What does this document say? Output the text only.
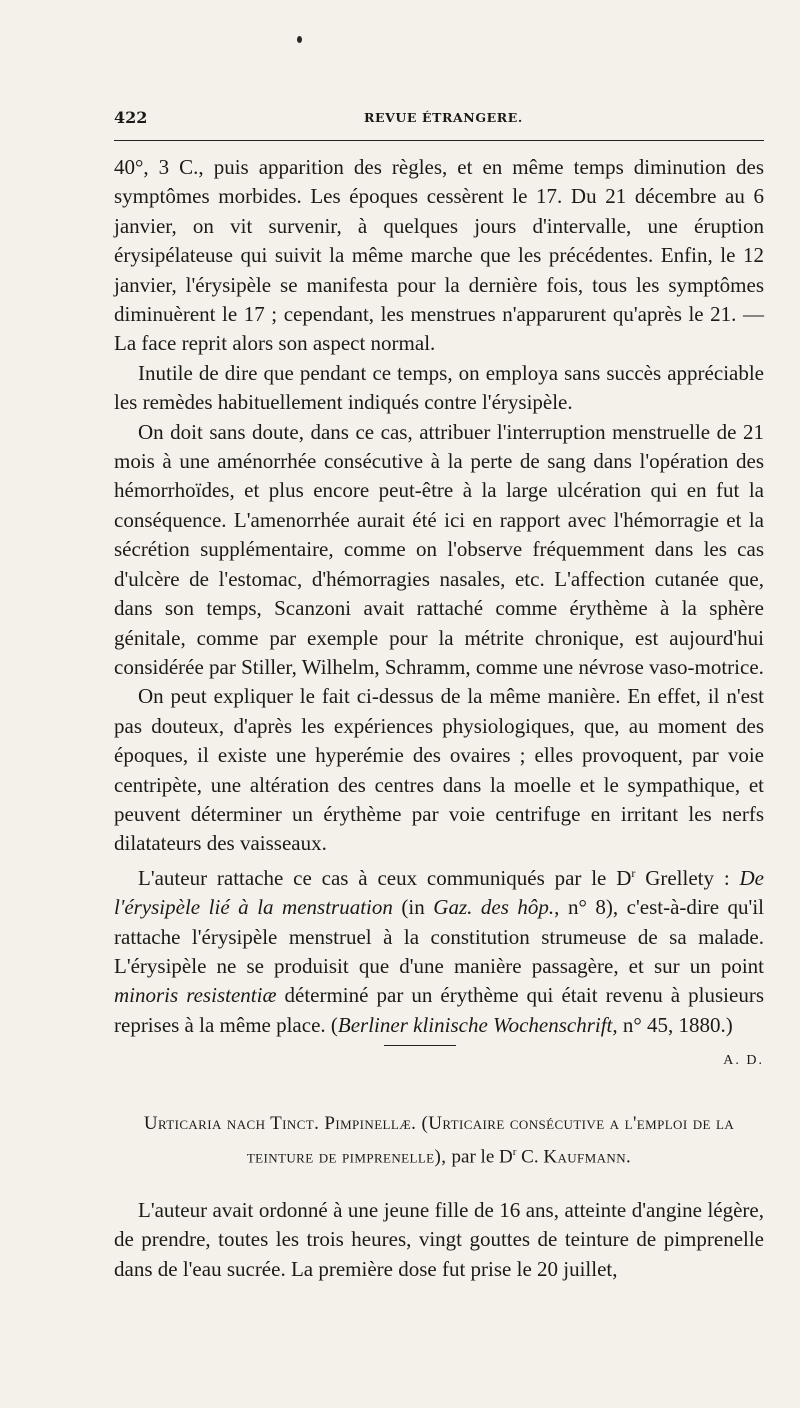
422	REVUE ÉTRANGERE.

40°, 3 C., puis apparition des règles, et en même temps diminution des symptômes morbides. Les époques cessèrent le 17. Du 21 décembre au 6 janvier, on vit survenir, à quelques jours d'intervalle, une éruption érysipélateuse qui suivit la même marche que les précédentes. Enfin, le 12 janvier, l'érysipèle se manifesta pour la dernière fois, tous les symptômes diminuèrent le 17 ; cependant, les menstrues n'apparurent qu'après le 21. — La face reprit alors son aspect normal.

Inutile de dire que pendant ce temps, on employa sans succès appréciable les remèdes habituellement indiqués contre l'érysipèle.

On doit sans doute, dans ce cas, attribuer l'interruption menstruelle de 21 mois à une aménorrhée consécutive à la perte de sang dans l'opération des hémorrhoïdes, et plus encore peut-être à la large ulcération qui en fut la conséquence. L'amenorrhée aurait été ici en rapport avec l'hémorragie et la sécrétion supplémentaire, comme on l'observe fréquemment dans les cas d'ulcère de l'estomac, d'hémorragies nasales, etc. L'affection cutanée que, dans son temps, Scanzoni avait rattaché comme érythème à la sphère génitale, comme par exemple pour la métrite chronique, est aujourd'hui considérée par Stiller, Wilhelm, Schramm, comme une névrose vaso-motrice.

On peut expliquer le fait ci-dessus de la même manière. En effet, il n'est pas douteux, d'après les expériences physiologiques, que, au moment des époques, il existe une hyperémie des ovaires ; elles provoquent, par voie centripète, une altération des centres dans la moelle et le sympathique, et peuvent déterminer un érythème par voie centrifuge en irritant les nerfs dilatateurs des vaisseaux.

L'auteur rattache ce cas à ceux communiqués par le $D^r$ Grellety : De l'érysipèle lié à la menstruation (in Gaz. des hôp., n° 8), c'est-à-dire qu'il rattache l'érysipèle menstruel à la constitution strumeuse de sa malade. L'érysipèle ne se produisit que d'une manière passagère, et sur un point minoris resistentiæ déterminé par un érythème qui était revenu à plusieurs reprises à la même place. (Berliner klinische Wochenschrift, n° 45, 1880.)
A. D.

Urticaria nach Tinct. Pimpinellæ. (Urticaire consécutive a l'emploi de la teinture de pimprenelle), par le $D^r$ C. Kaufmann.

L'auteur avait ordonné à une jeune fille de 16 ans, atteinte d'angine légère, de prendre, toutes les trois heures, vingt gouttes de teinture de pimprenelle dans de l'eau sucrée. La première dose fut prise le 20 juillet,
